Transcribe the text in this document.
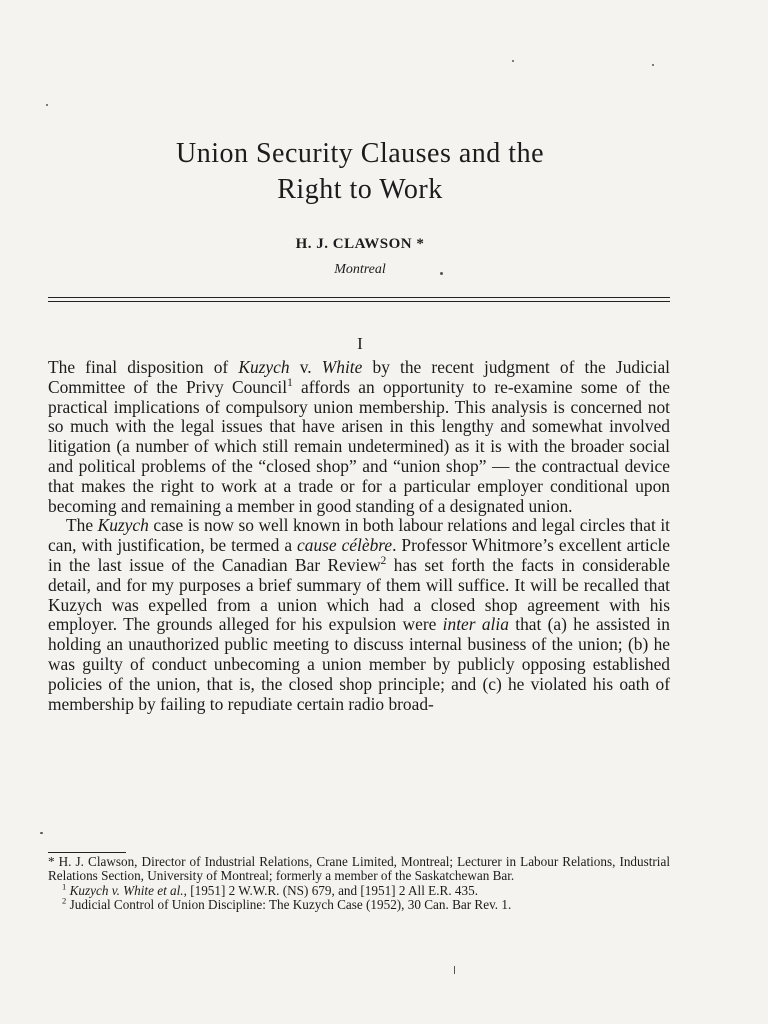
Union Security Clauses and the
Right to Work
H. J. CLAWSON *
Montreal
I

The final disposition of Kuzych v. White by the recent judgment of the Judicial Committee of the Privy Council$^1$ affords an opportunity to re-examine some of the practical implications of compulsory union membership. This analysis is concerned not so much with the legal issues that have arisen in this lengthy and somewhat involved litigation (a number of which still remain undetermined) as it is with the broader social and political problems of the “closed shop” and “union shop” — the contractual device that makes the right to work at a trade or for a particular employer conditional upon becoming and remaining a member in good standing of a designated union.

The Kuzych case is now so well known in both labour relations and legal circles that it can, with justification, be termed a cause célèbre. Professor Whitmore’s excellent article in the last issue of the Canadian Bar Review$^2$ has set forth the facts in considerable detail, and for my purposes a brief summary of them will suffice. It will be recalled that Kuzych was expelled from a union which had a closed shop agreement with his employer. The grounds alleged for his expulsion were inter alia that (a) he assisted in holding an unauthorized public meeting to discuss internal business of the union; (b) he was guilty of conduct unbecoming a union member by publicly opposing established policies of the union, that is, the closed shop principle; and (c) he violated his oath of membership by failing to repudiate certain radio broad-

* H. J. Clawson, Director of Industrial Relations, Crane Limited, Montreal; Lecturer in Labour Relations, Industrial Relations Section, University of Montreal; formerly a member of the Saskatchewan Bar.

$^1$ Kuzych v. White et al., [1951] 2 W.W.R. (NS) 679, and [1951] 2 All E.R. 435.

$^2$ Judicial Control of Union Discipline: The Kuzych Case (1952), 30 Can. Bar Rev. 1.
